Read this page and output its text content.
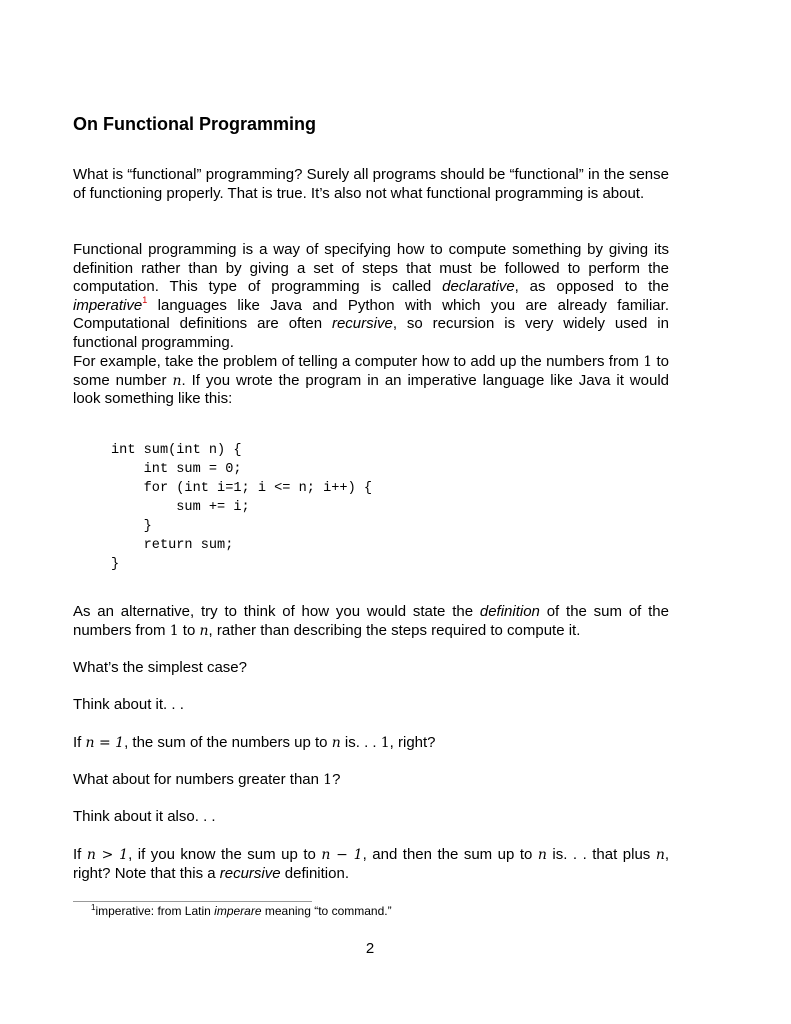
On Functional Programming

What is “functional” programming? Surely all programs should be “functional” in the sense of functioning properly. That is true. It’s also not what functional programming is about.

Functional programming is a way of specifying how to compute something by giving its definition rather than by giving a set of steps that must be followed to perform the computation. This type of programming is called declarative, as opposed to the imperative$^1$ languages like Java and Python with which you are already familiar. Computational definitions are often recursive, so recursion is very widely used in functional programming.

For example, take the problem of telling a computer how to add up the numbers from 1 to some number n. If you wrote the program in an imperative language like Java it would look something like this:

int sum(int n) {
int sum = 0;
for (int i=1; i <= n; i++) {
sum += i;
}
return sum;
}

As an alternative, try to think of how you would state the definition of the sum of the numbers from 1 to n, rather than describing the steps required to compute it.

What’s the simplest case?

Think about it. . .

If n = 1, the sum of the numbers up to n is. . . 1, right?

What about for numbers greater than 1?

Think about it also. . .

If n > 1, if you know the sum up to n − 1, and then the sum up to n is. . . that plus n, right? Note that this a recursive definition.

$^1$imperative: from Latin imperare meaning “to command.”

2
